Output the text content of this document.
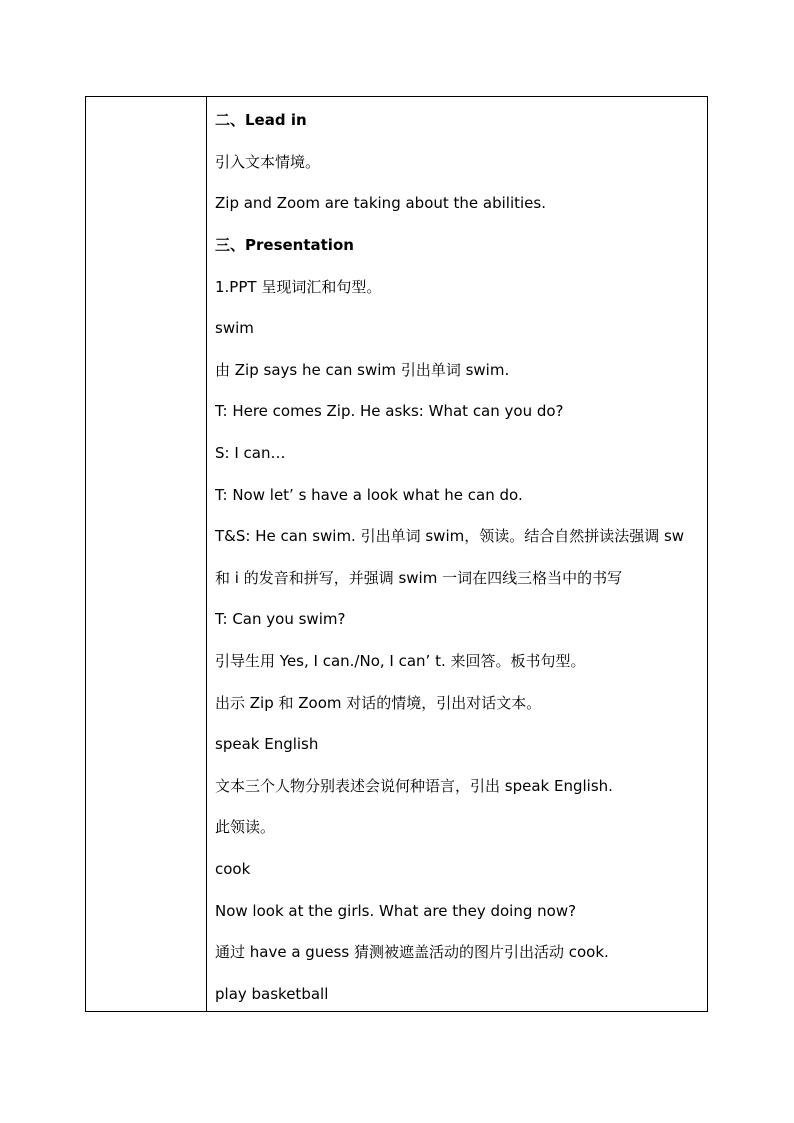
二、Lead in
引入文本情境。
Zip and Zoom are taking about the abilities.
三、Presentation
1.PPT 呈现词汇和句型。
swim
由 Zip says he can swim 引出单词 swim.
T: Here comes Zip. He asks: What can you do?
S: I can…
T: Now let’ s have a look what he can do.
T&S: He can swim. 引出单词 swim，领读。结合自然拼读法强调 sw
和 i 的发音和拼写，并强调 swim 一词在四线三格当中的书写
T: Can you swim?
引导生用 Yes, I can./No, I can’ t. 来回答。板书句型。
出示 Zip 和 Zoom 对话的情境，引出对话文本。
speak English
文本三个人物分别表述会说何种语言，引出 speak English.
此领读。
cook
Now look at the girls. What are they doing now?
通过 have a guess 猜测被遮盖活动的图片引出活动 cook.
play basketball
